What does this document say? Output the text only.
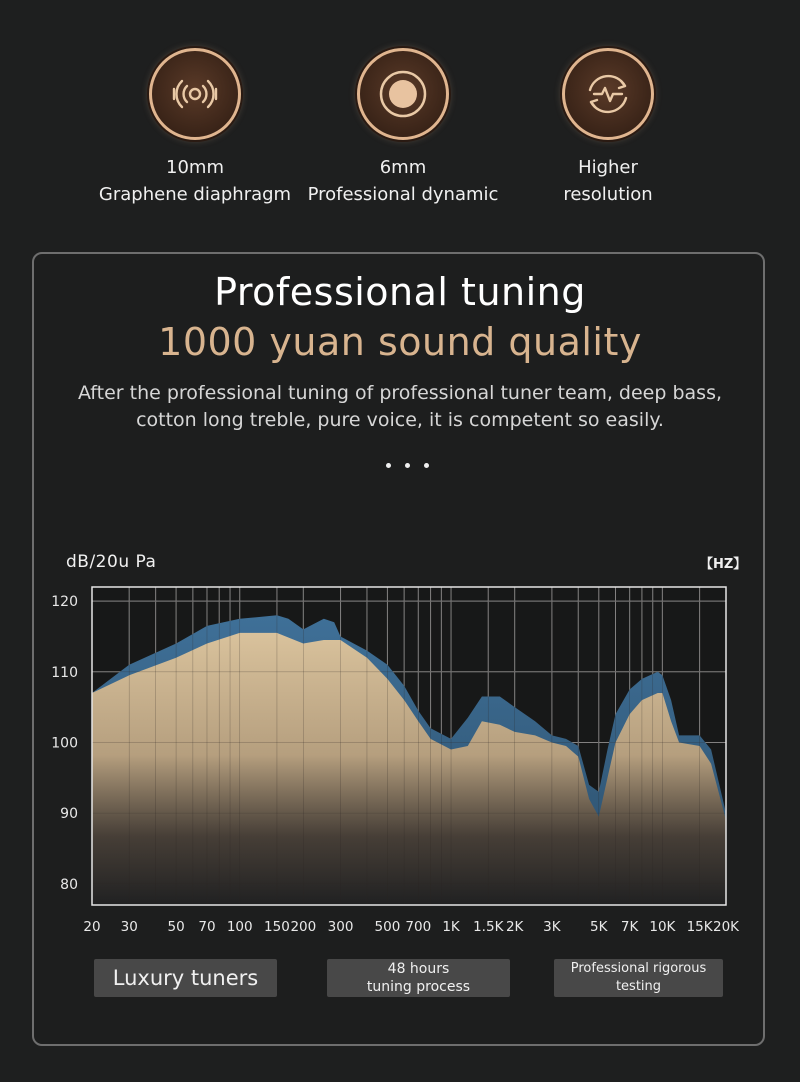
10mm
Graphene diaphragm
6mm
Professional dynamic
Higher
resolution
Professional tuning
1000 yuan sound quality
After the professional tuning of professional tuner team, deep bass, cotton long treble, pure voice, it is competent so easily.
dB/20u Pa	【HZ】
80
90
100
110
120
20 30 50 70 100 150 200 300 500 700 1K 1.5K 2K 3K 5K 7K 10K 15K 20K
Luxury tuners	48 hours
tuning process
Professional rigorous
testing
